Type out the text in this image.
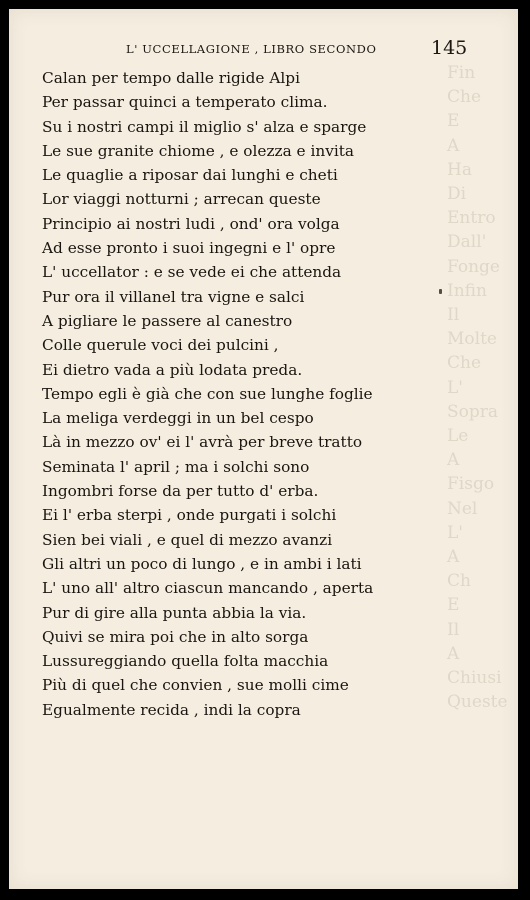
Fin
Che
E
A
Ha
Di
Entro
Dall'
Fonge
Infin
Il
Molte
Che
L'
Sopra
Le
A
Fisgo
Nel
L'
A
Ch
E
Il
A
Chiusi
Queste
L' UCCELLAGIONE , LIBRO SECONDO	145
Calan per tempo dalle rigide Alpi
Per passar quinci a temperato clima.
Su i nostri campi il miglio s' alza e sparge
Le sue granite chiome , e olezza e invita
Le quaglie a riposar dai lunghi e cheti
Lor viaggi notturni ; arrecan queste
Principio ai nostri ludi , ond' ora volga
Ad esse pronto i suoi ingegni e l' opre
L' uccellator : e se vede ei che attenda
Pur ora il villanel tra vigne e salci
A pigliare le passere al canestro
Colle querule voci dei pulcini ,
Ei dietro vada a più lodata preda.
Tempo egli è già che con sue lunghe foglie
La meliga verdeggi in un bel cespo
Là in mezzo ov' ei l' avrà per breve tratto
Seminata l' april ; ma i solchi sono
Ingombri forse da per tutto d' erba.
Ei l' erba sterpi , onde purgati i solchi
Sien bei viali , e quel di mezzo avanzi
Gli altri un poco di lungo , e in ambi i lati
L' uno all' altro ciascun mancando , aperta
Pur di gire alla punta abbia la via.
Quivi se mira poi che in alto sorga
Lussureggiando quella folta macchia
Più di quel che convien , sue molli cime
Egualmente recida , indi la copra
